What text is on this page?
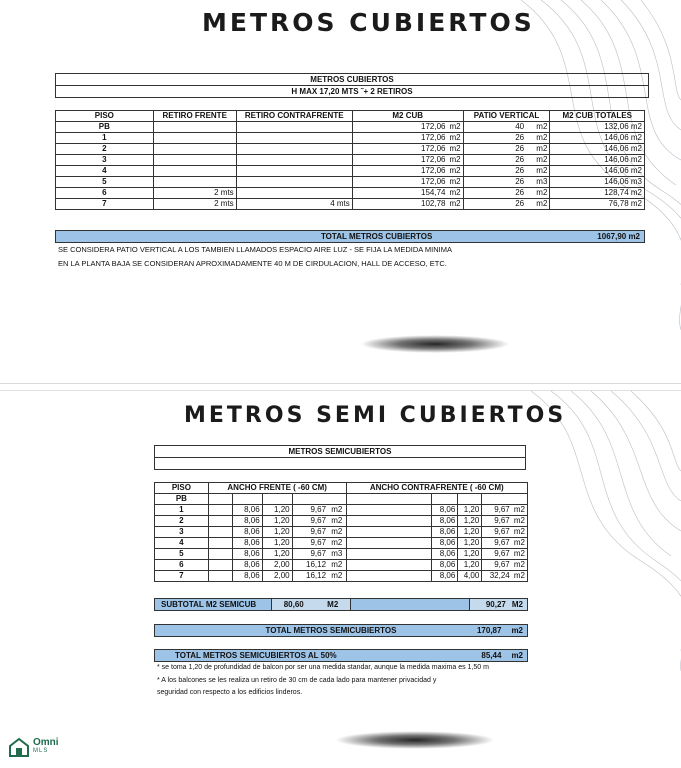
METROS CUBIERTOS
METROS CUBIERTOS
H MAX 17,20 MTS ˜+ 2 RETIROS
PISO	RETIRO FRENTE	RETIRO CONTRAFRENTE	M2 CUB		PATIO VERTICAL		M2 CUB TOTALES
PB			172,06	m2	40	m2	132,06 m2
1			172,06	m2	26	m2	146,06 m2
2			172,06	m2	26	m2	146,06 m2
3			172,06	m2	26	m2	146,06 m2
4			172,06	m2	26	m2	146,06 m2
5			172,06	m2	26	m3	146,06 m3
6	2 mts		154,74	m2	26	m2	128,74 m2
7	2 mts	4 mts	102,78	m2	26	m2	76,78 m2
TOTAL METROS CUBIERTOS	1067,90 m2
SE CONSIDERA PATIO VERTICAL A LOS TAMBIEN LLAMADOS ESPACIO AIRE LUZ - SE FIJA LA MEDIDA MINIMA
EN LA PLANTA BAJA SE CONSIDERAN APROXIMADAMENTE 40 M DE CIRDULACION, HALL DE ACCESO, ETC.
METROS SEMI CUBIERTOS
METROS SEMICUBIERTOS

PISO	ANCHO FRENTE ( -60 CM)					ANCHO CONTRAFRENTE ( -60 CM)				
PB										
1		8,06	1,20	9,67	m2		8,06	1,20	9,67	m2
2		8,06	1,20	9,67	m2		8,06	1,20	9,67	m2
3		8,06	1,20	9,67	m2		8,06	1,20	9,67	m2
4		8,06	1,20	9,67	m2		8,06	1,20	9,67	m2
5		8,06	1,20	9,67	m3		8,06	1,20	9,67	m2
6		8,06	2,00	16,12	m2		8,06	1,20	9,67	m2
7		8,06	2,00	16,12	m2		8,06	4,00	32,24	m2
SUBTOTAL M2 SEMICUB	80,60	M2	90,27 M2
TOTAL METROS SEMICUBIERTOS	170,87	m2
TOTAL METROS SEMICUBIERTOS AL 50%	85,44	m2
* se toma 1,20 de profundidad de balcon por ser una medida standar, aunque la medida maxima es 1,50 m
* A los balcones se les realiza un retiro de 30 cm de cada lado para mantener privacidad y
seguridad con respecto a los edificios linderos.
Omni
MLS
